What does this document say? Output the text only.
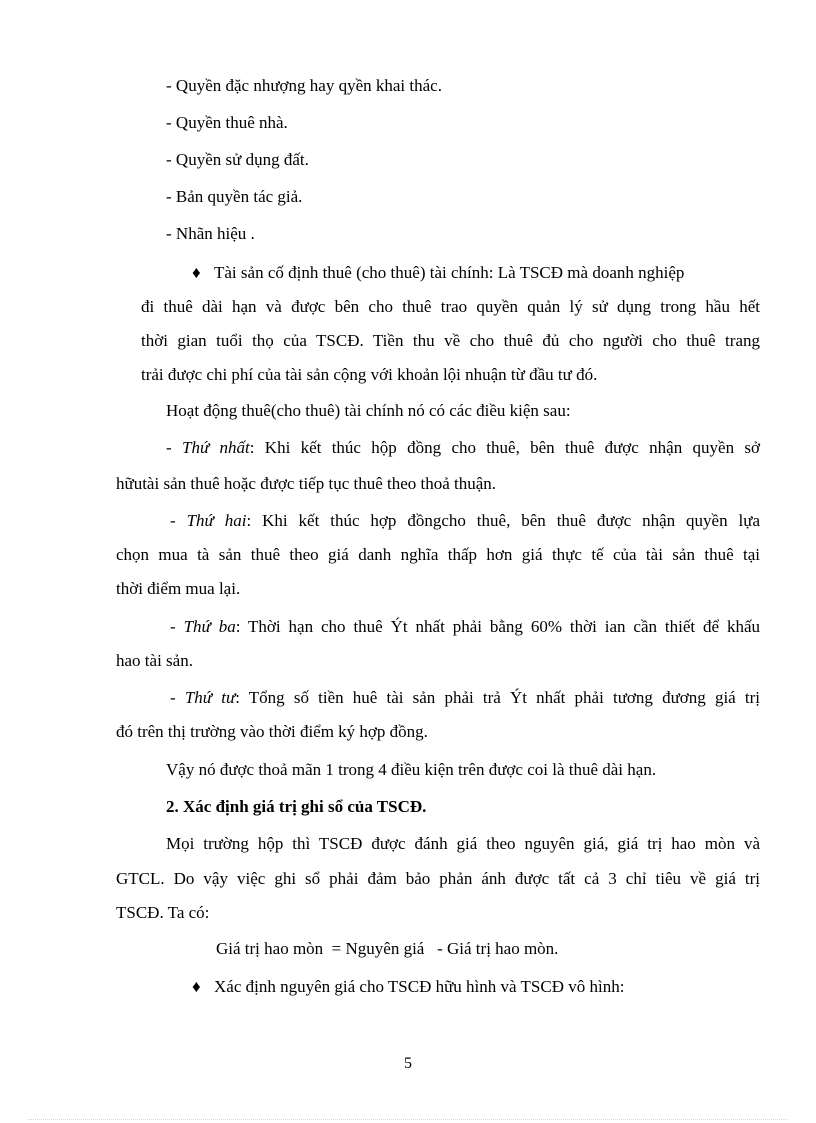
- Quyền đặc nhượng hay qyền khai thác.
- Quyền thuê nhà.
- Quyền sử dụng đất.
- Bản quyền tác giả.
- Nhãn hiệu .
♦ Tài sản cố định thuê (cho thuê) tài chính: Là TSCĐ mà doanh nghiệp
đi thuê dài hạn và được bên cho thuê trao quyền quản lý sử dụng trong hầu hết
thời gian tuổi thọ của TSCĐ. Tiền thu về cho thuê đủ cho người cho thuê trang
trải được chi phí của tài sản cộng với khoản lội nhuận từ đầu tư đó.
Hoạt động thuê(cho thuê) tài chính nó có các điều kiện sau:
- Thứ nhất: Khi kết thúc hộp đồng cho thuê, bên thuê được nhận quyền sở
hữutài sản thuê hoặc được tiếp tục thuê theo thoả thuận.
- Thứ hai: Khi kết thúc hợp đồngcho thuê, bên thuê được nhận quyền lựa
chọn mua tà sản thuê theo giá danh nghĩa thấp hơn giá thực tế của tài sản thuê tại
thời điểm mua lại.
- Thứ ba: Thời hạn cho thuê Ýt nhất phải bằng 60% thời ian cần thiết để khấu
hao tài sản.
- Thứ tư: Tổng số tiền huê tài sản phải trả Ýt nhất phải tương đương giá trị
đó trên thị trường vào thời điểm ký hợp đồng.
Vậy nó được thoả mãn 1 trong 4 điều kiện trên được coi là thuê dài hạn.
2. Xác định giá trị ghi sổ của TSCĐ.
Mọi trường hộp thì TSCĐ được đánh giá theo nguyên giá, giá trị hao mòn và
GTCL. Do vậy việc ghi sổ phải đảm bảo phản ánh được tất cả 3 chỉ tiêu về giá trị
TSCĐ. Ta có:
Giá trị hao mòn  = Nguyên giá   - Giá trị hao mòn.
♦ Xác định nguyên giá cho TSCĐ hữu hình và TSCĐ vô hình:
5
